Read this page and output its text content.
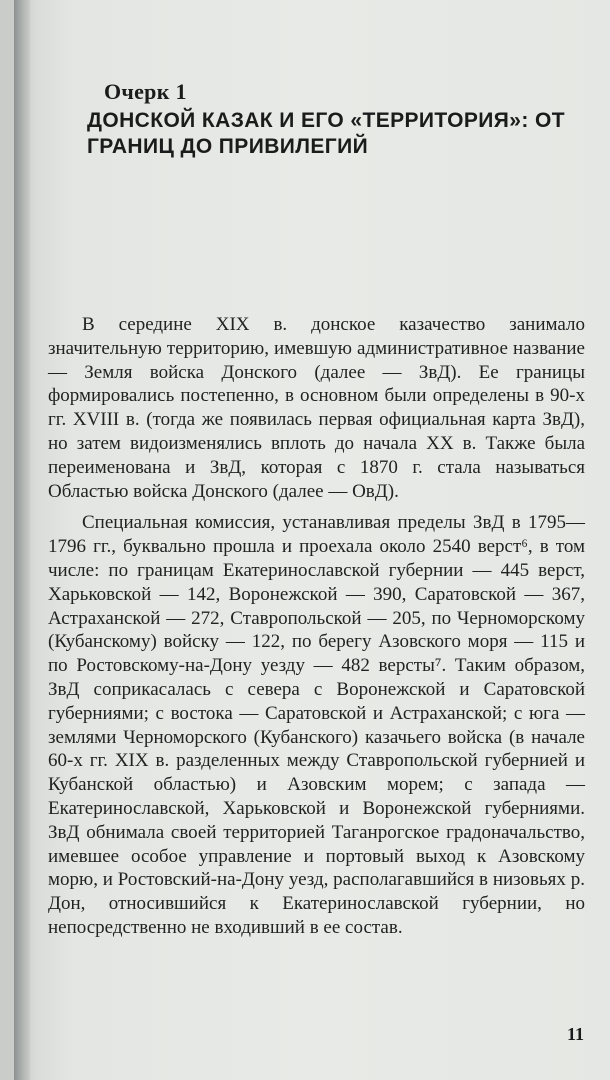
Очерк 1
ДОНСКОЙ КАЗАК И ЕГО «ТЕРРИТОРИЯ»: ОТ ГРАНИЦ ДО ПРИВИЛЕГИЙ

В середине XIX в. донское казачество занимало значительную территорию, имевшую административное название — Земля войска Донского (далее — ЗвД). Ее границы формировались постепенно, в основном были определены в 90-х гг. XVIII в. (тогда же появилась первая официальная карта ЗвД), но затем видоизменялись вплоть до начала XX в. Также была переименована и ЗвД, которая с 1870 г. стала называться Областью войска Донского (далее — ОвД).

Специальная комиссия, устанавливая пределы ЗвД в 1795—1796 гг., буквально прошла и проехала около 2540 верст⁶, в том числе: по границам Екатеринославской губернии — 445 верст, Харьковской — 142, Воронежской — 390, Саратовской — 367, Астраханской — 272, Ставропольской — 205, по Черноморскому (Кубанскому) войску — 122, по берегу Азовского моря — 115 и по Ростовскому-на-Дону уезду — 482 версты⁷. Таким образом, ЗвД соприкасалась с севера с Воронежской и Саратовской губерниями; с востока — Саратовской и Астраханской; с юга — землями Черноморского (Кубанского) казачьего войска (в начале 60-х гг. XIX в. разделенных между Ставропольской губернией и Кубанской областью) и Азовским морем; с запада — Екатеринославской, Харьковской и Воронежской губерниями. ЗвД обнимала своей территорией Таганрогское градоначальство, имевшее особое управление и портовый выход к Азовскому морю, и Ростовский-на-Дону уезд, располагавшийся в низовьях р. Дон, относившийся к Екатеринославской губернии, но непосредственно не входивший в ее состав.

11
